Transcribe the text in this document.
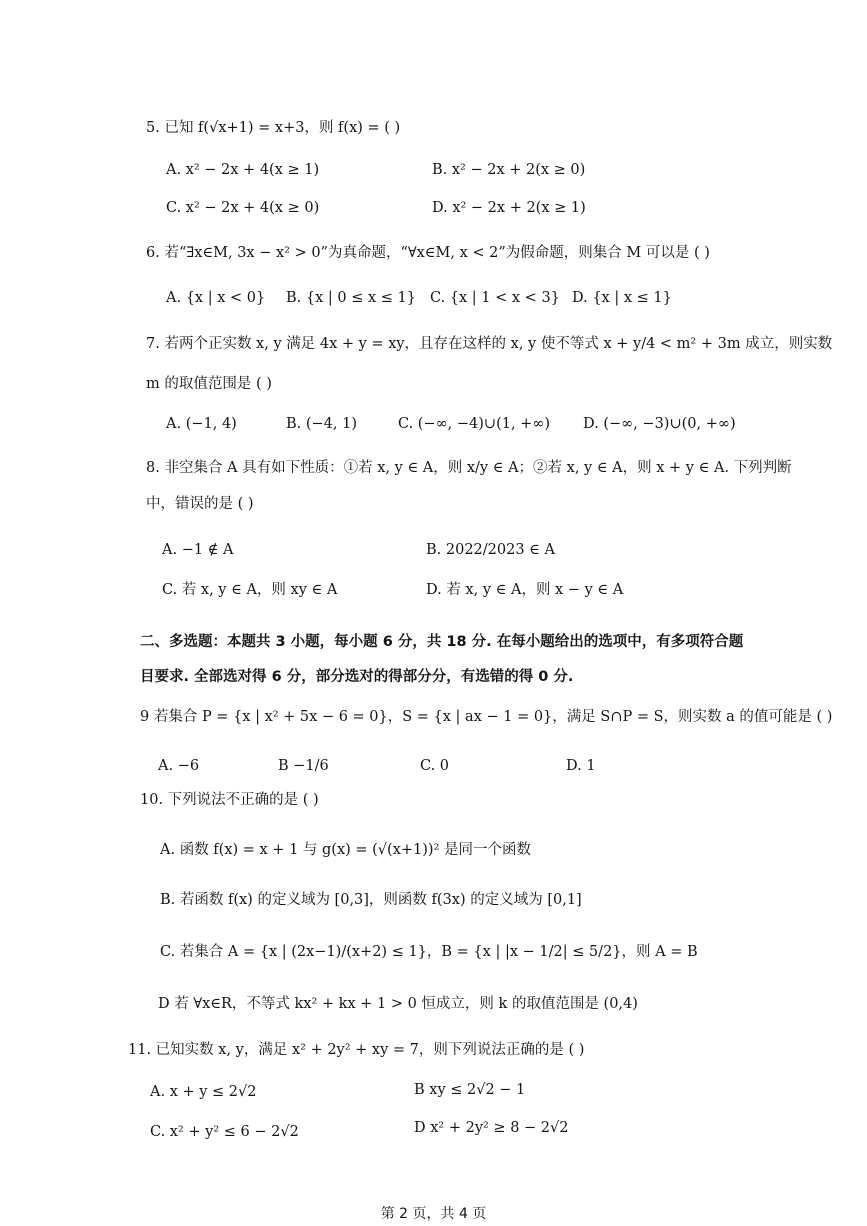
5. 已知 f(√x+1) = x+3，则 f(x) = ( )
A. x² − 2x + 4(x ≥ 1)	B. x² − 2x + 2(x ≥ 0)
C. x² − 2x + 4(x ≥ 0)	D. x² − 2x + 2(x ≥ 1)
6. 若“∃x∈M, 3x − x² > 0”为真命题，“∀x∈M, x < 2”为假命题，则集合 M 可以是 ( )
A. {x | x < 0} B. {x | 0 ≤ x ≤ 1} C. {x | 1 < x < 3} D. {x | x ≤ 1}
7. 若两个正实数 x, y 满足 4x + y = xy，且存在这样的 x, y 使不等式 x + y/4 < m² + 3m 成立，则实数
m 的取值范围是 ( )
A. (−1, 4)	B. (−4, 1)	C. (−∞, −4)∪(1, +∞) D. (−∞, −3)∪(0, +∞)
8. 非空集合 A 具有如下性质：①若 x, y ∈ A，则 x/y ∈ A；②若 x, y ∈ A，则 x + y ∈ A. 下列判断
中，错误的是 ( )
A. −1 ∉ A	B. 2022/2023 ∈ A
C. 若 x, y ∈ A，则 xy ∈ A	D. 若 x, y ∈ A，则 x − y ∈ A
二、多选题：本题共 3 小题，每小题 6 分，共 18 分. 在每小题给出的选项中，有多项符合题
目要求. 全部选对得 6 分，部分选对的得部分分，有选错的得 0 分.
9 若集合 P = {x | x² + 5x − 6 = 0}，S = {x | ax − 1 = 0}，满足 S∩P = S，则实数 a 的值可能是 ( )
A. −6	B −1/6	C. 0	D. 1
10. 下列说法不正确的是 ( )
A. 函数 f(x) = x + 1 与 g(x) = (√(x+1))² 是同一个函数
B. 若函数 f(x) 的定义域为 [0,3]，则函数 f(3x) 的定义域为 [0,1]
C. 若集合 A = {x | (2x−1)/(x+2) ≤ 1}，B = {x | |x − 1/2| ≤ 5/2}，则 A = B
D 若 ∀x∈R，不等式 kx² + kx + 1 > 0 恒成立，则 k 的取值范围是 (0,4)
11. 已知实数 x, y，满足 x² + 2y² + xy = 7，则下列说法正确的是 ( )
A. x + y ≤ 2√2	B xy ≤ 2√2 − 1
C. x² + y² ≤ 6 − 2√2	D x² + 2y² ≥ 8 − 2√2
第 2 页，共 4 页
